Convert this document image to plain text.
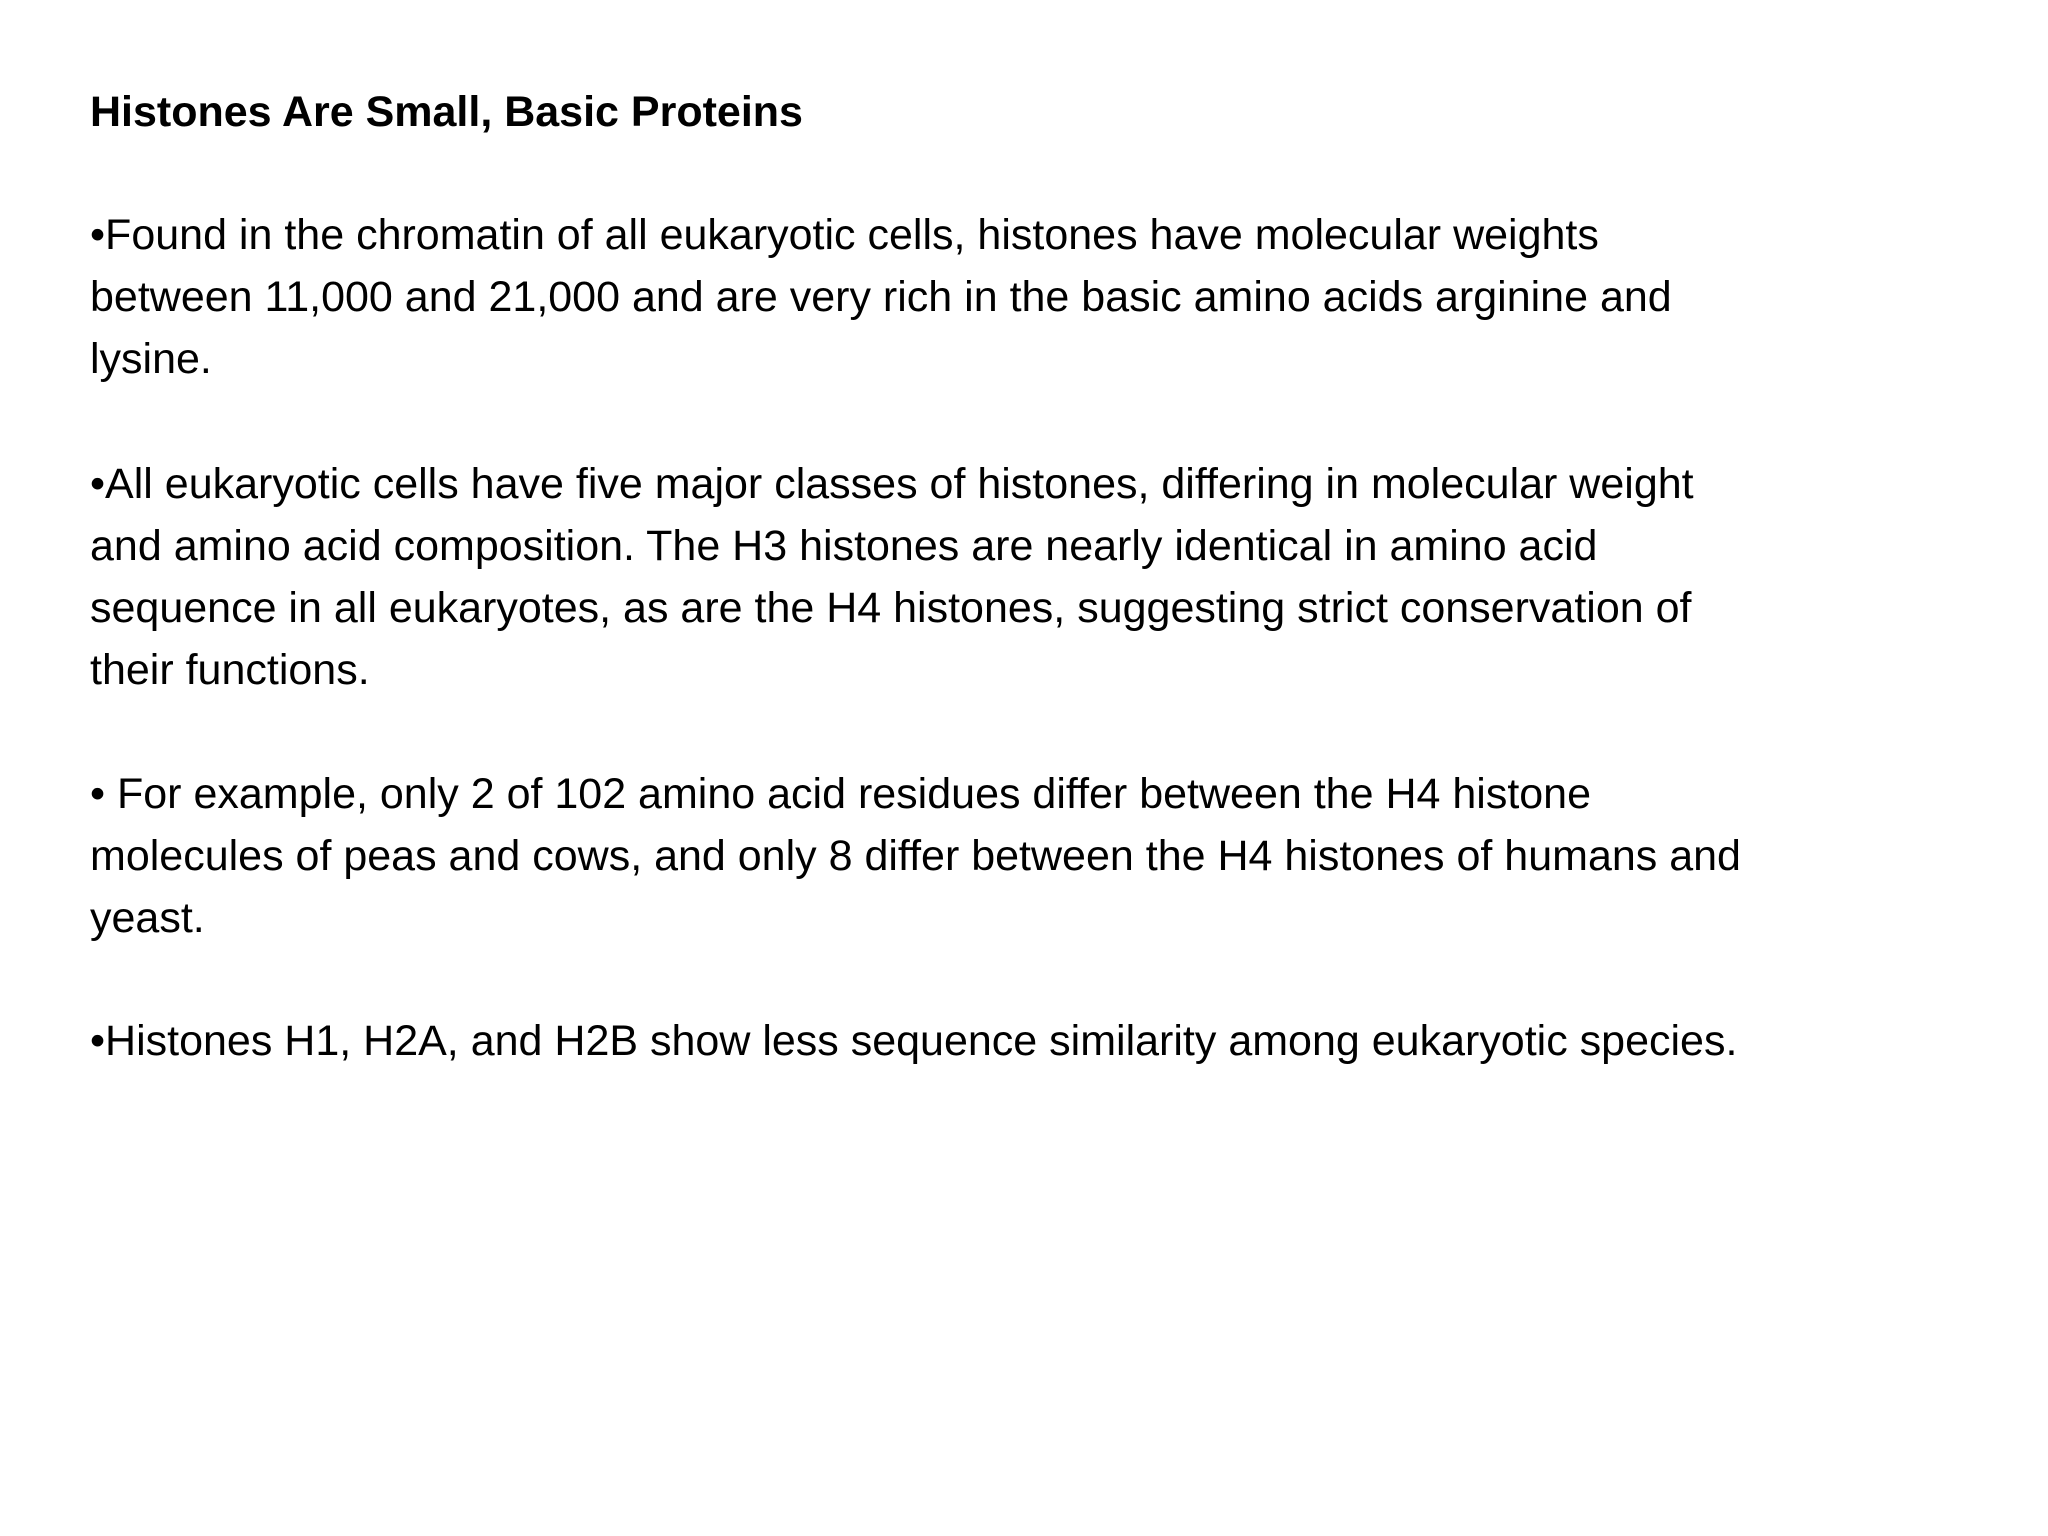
Histones Are Small, Basic Proteins
•Found in the chromatin of all eukaryotic cells, histones have molecular weights
between 11,000 and 21,000 and are very rich in the basic amino acids arginine and
lysine.
•All eukaryotic cells have five major classes of histones, differing in molecular weight
and amino acid composition. The H3 histones are nearly identical in amino acid
sequence in all eukaryotes, as are the H4 histones, suggesting strict conservation of
their functions.
• For example, only 2 of 102 amino acid residues differ between the H4 histone
molecules of peas and cows, and only 8 differ between the H4 histones of humans and
yeast.
•Histones H1, H2A, and H2B show less sequence similarity among eukaryotic species.
